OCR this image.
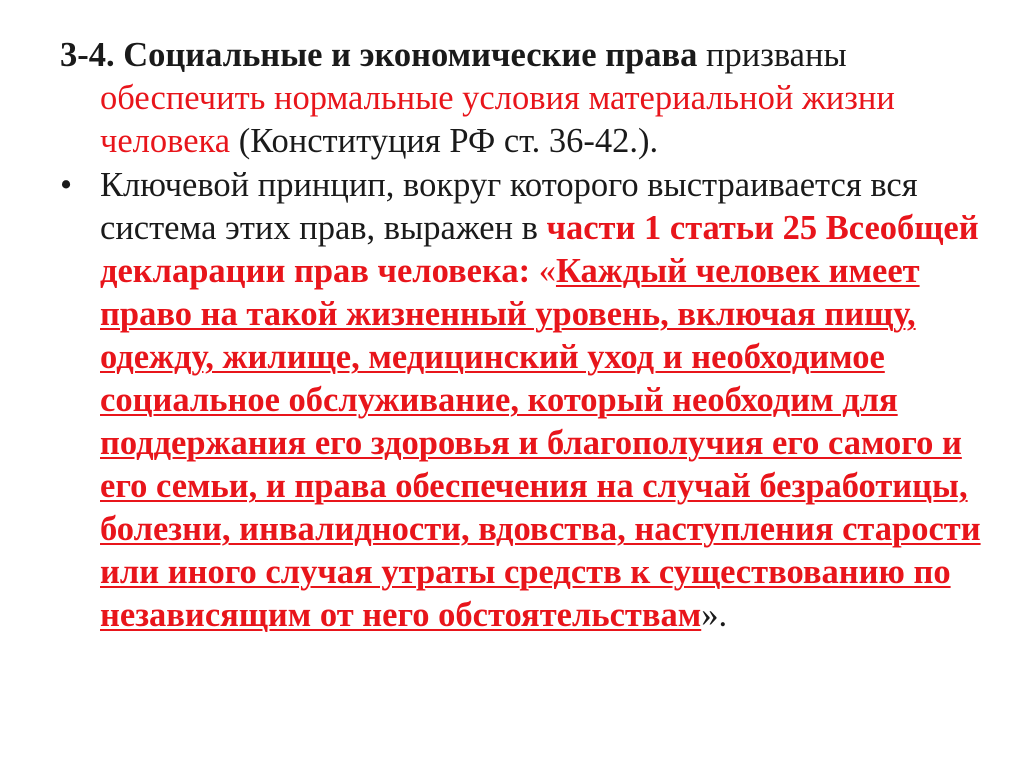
3-4. Социальные и экономические права призваны обеспечить нормальные условия материальной жизни человека (Конституция РФ ст. 36-42.).
• Ключевой принцип, вокруг которого выстраивается вся система этих прав, выражен в части 1 статьи 25 Всеобщей декларации прав человека: «Каждый человек имеет право на такой жизненный уровень, включая пищу, одежду, жилище, медицинский уход и необходимое социальное обслуживание, который необходим для поддержания его здоровья и благополучия его самого и его семьи, и права обеспечения на случай безработицы, болезни, инвалидности, вдовства, наступления старости или иного случая утраты средств к существованию по независящим от него обстоятельствам».
